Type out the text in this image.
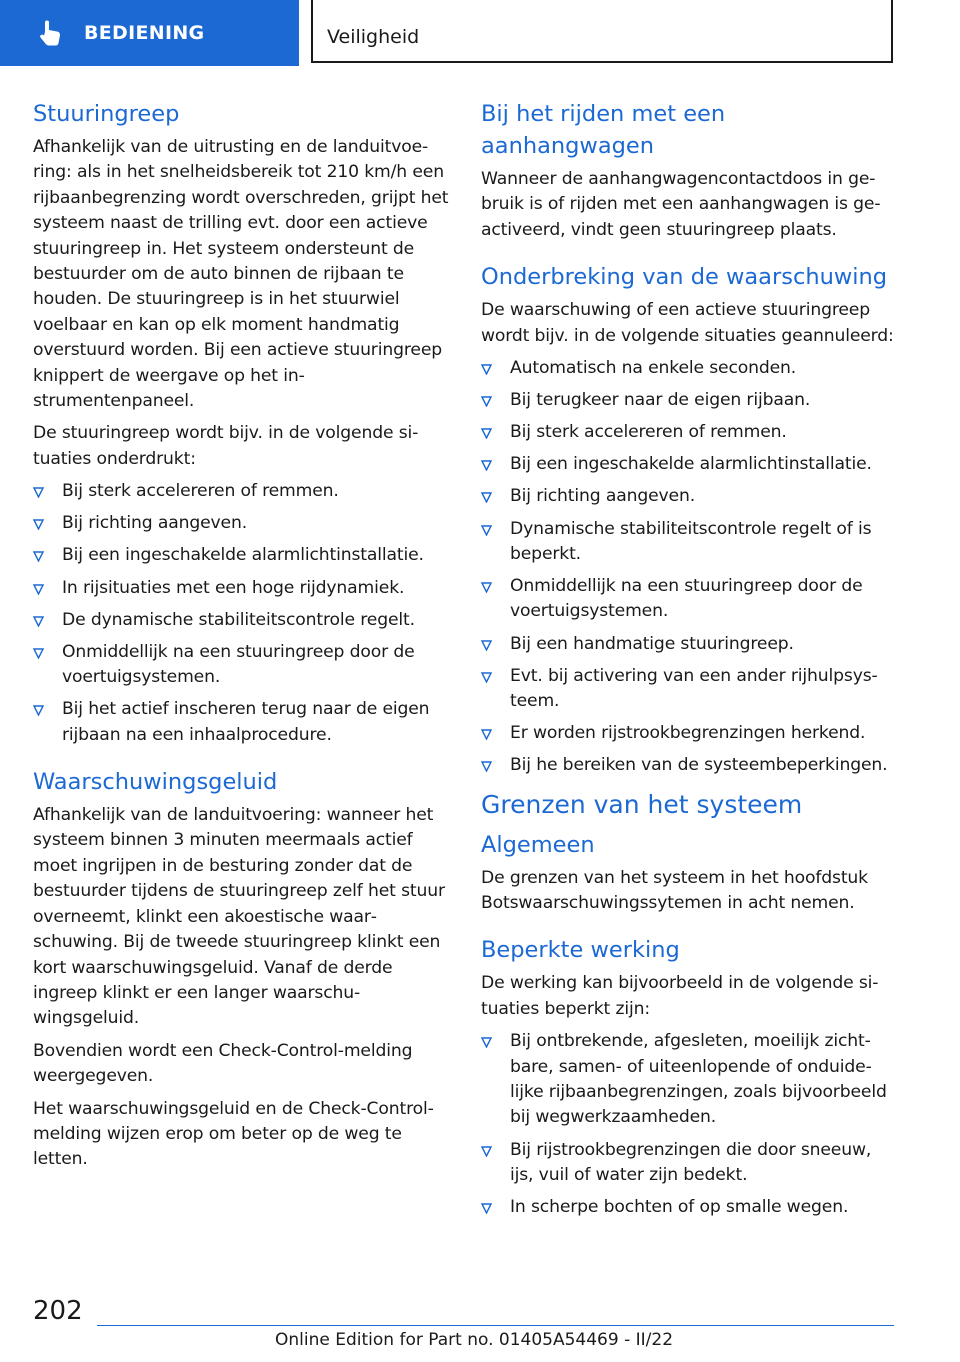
BEDIENING	Veiligheid
Stuuringreep

Afhankelijk van de uitrusting en de landuitvoering: als in het snelheidsbereik tot 210 km/h een rijbaanbegrenzing wordt overschreden, grijpt het systeem naast de trilling evt. door een actieve stuuringreep in. Het systeem ondersteunt de bestuurder om de auto binnen de rijbaan te houden. De stuuringreep is in het stuurwiel voelbaar en kan op elk moment handmatig overstuurd worden. Bij een actieve stuuringreep knippert de weergave op het instrumentenpaneel.

De stuuringreep wordt bijv. in de volgende situaties onderdrukt:

Bij sterk accelereren of remmen.
Bij richting aangeven.
Bij een ingeschakelde alarmlichtinstallatie.
In rijsituaties met een hoge rijdynamiek.
De dynamische stabiliteitscontrole regelt.
Onmiddellijk na een stuuringreep door de voertuigsystemen.
Bij het actief inscheren terug naar de eigen rijbaan na een inhaalprocedure.
Waarschuwingsgeluid

Afhankelijk van de landuitvoering: wanneer het systeem binnen 3 minuten meermaals actief moet ingrijpen in de besturing zonder dat de bestuurder tijdens de stuuringreep zelf het stuur overneemt, klinkt een akoestische waarschuwing. Bij de tweede stuuringreep klinkt een kort waarschuwingsgeluid. Vanaf de derde ingreep klinkt er een langer waarschuwingsgeluid.

Bovendien wordt een Check-Control-melding weergegeven.

Het waarschuwingsgeluid en de Check-Control-melding wijzen erop om beter op de weg te letten.

Bij het rijden met een aanhangwagen

Wanneer de aanhangwagencontactdoos in gebruik is of rijden met een aanhangwagen is geactiveerd, vindt geen stuuringreep plaats.

Onderbreking van de waarschuwing

De waarschuwing of een actieve stuuringreep wordt bijv. in de volgende situaties geannuleerd:

Automatisch na enkele seconden.
Bij terugkeer naar de eigen rijbaan.
Bij sterk accelereren of remmen.
Bij een ingeschakelde alarmlichtinstallatie.
Bij richting aangeven.
Dynamische stabiliteitscontrole regelt of is beperkt.
Onmiddellijk na een stuuringreep door de voertuigsystemen.
Bij een handmatige stuuringreep.
Evt. bij activering van een ander rijhulpsysteem.
Er worden rijstrookbegrenzingen herkend.
Bij he bereiken van de systeembeperkingen.
Grenzen van het systeem
Algemeen

De grenzen van het systeem in het hoofdstuk Botswaarschuwingssytemen in acht nemen.

Beperkte werking

De werking kan bijvoorbeeld in de volgende situaties beperkt zijn:

Bij ontbrekende, afgesleten, moeilijk zichtbare, samen- of uiteenlopende of onduidelijke rijbaanbegrenzingen, zoals bijvoorbeeld bij wegwerkzaamheden.
Bij rijstrookbegrenzingen die door sneeuw, ijs, vuil of water zijn bedekt.
In scherpe bochten of op smalle wegen.
202
Online Edition for Part no. 01405A54469 - II/22
